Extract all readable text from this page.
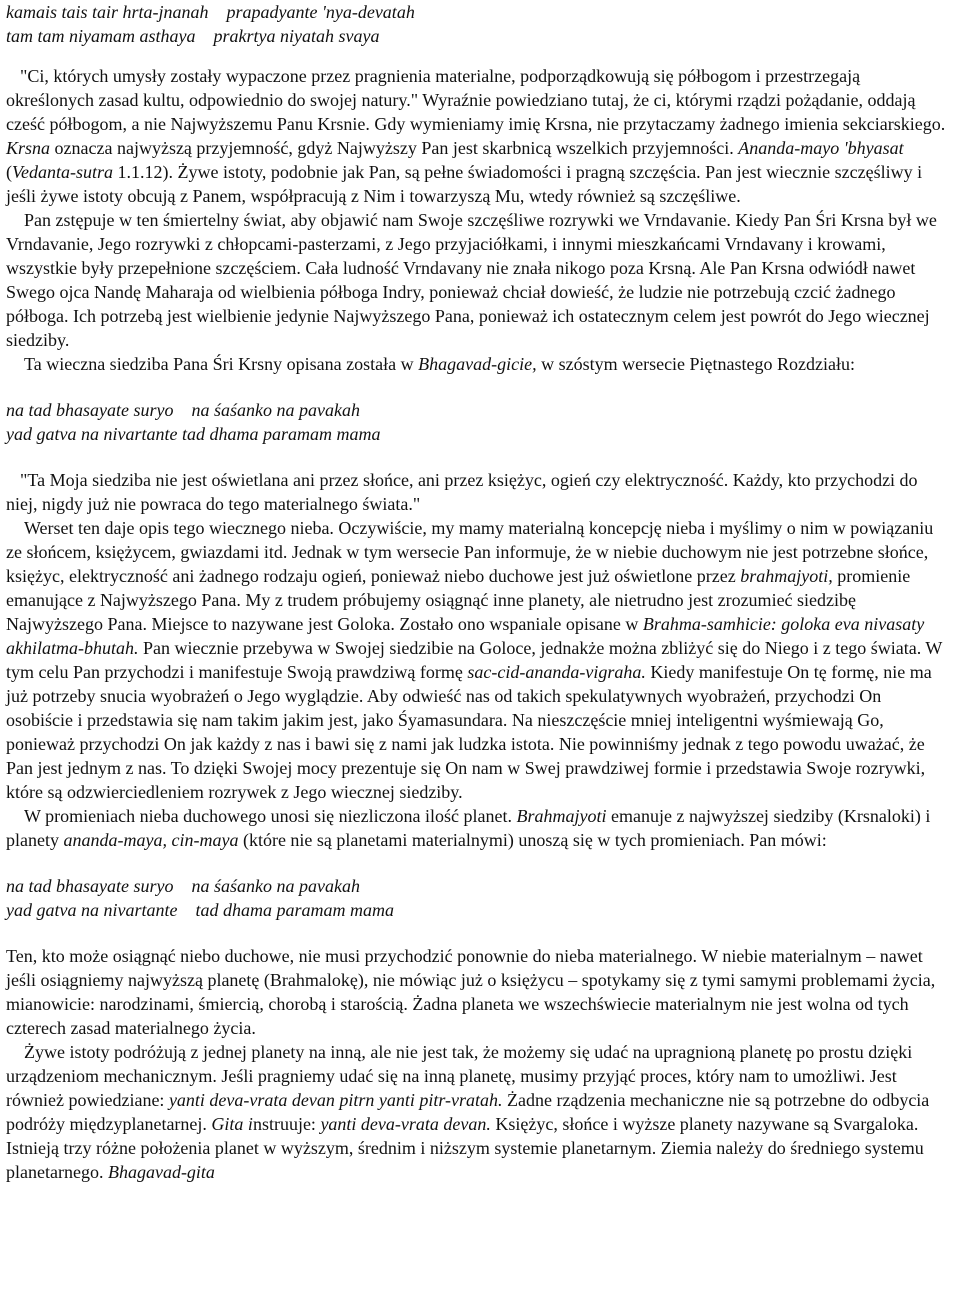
kamais tais tair hrta-jnanah prapadyante 'nya-devatah
tam tam niyamam asthaya prakrtya niyatah svaya

"Ci, których umysły zostały wypaczone przez pragnienia materialne, podporządkowują się półbogom i przestrzegają określonych zasad kultu, odpowiednio do swojej natury." Wyraźnie powiedziano tutaj, że ci, którymi rządzi pożądanie, oddają cześć półbogom, a nie Najwyższemu Panu Krsnie. Gdy wymieniamy imię Krsna, nie przytaczamy żadnego imienia sekciarskiego. Krsna oznacza najwyższą przyjemność, gdyż Najwyższy Pan jest skarbnicą wszelkich przyjemności. Ananda-mayo 'bhyasat (Vedanta-sutra 1.1.12). Żywe istoty, podobnie jak Pan, są pełne świadomości i pragną szczęścia. Pan jest wiecznie szczęśliwy i jeśli żywe istoty obcują z Panem, współpracują z Nim i towarzyszą Mu, wtedy również są szczęśliwe.

Pan zstępuje w ten śmiertelny świat, aby objawić nam Swoje szczęśliwe rozrywki we Vrndavanie. Kiedy Pan Śri Krsna był we Vrndavanie, Jego rozrywki z chłopcami-pasterzami, z Jego przyjaciółkami, i innymi mieszkańcami Vrndavany i krowami, wszystkie były przepełnione szczęściem. Cała ludność Vrndavany nie znała nikogo poza Krsną. Ale Pan Krsna odwiódł nawet Swego ojca Nandę Maharaja od wielbienia półboga Indry, ponieważ chciał dowieść, że ludzie nie potrzebują czcić żadnego półboga. Ich potrzebą jest wielbienie jedynie Najwyższego Pana, ponieważ ich ostatecznym celem jest powrót do Jego wiecznej siedziby.

Ta wieczna siedziba Pana Śri Krsny opisana została w Bhagavad-gicie, w szóstym wersecie Piętnastego Rozdziału:

na tad bhasayate suryo na śaśanko na pavakah
yad gatva na nivartante tad dhama paramam mama

"Ta Moja siedziba nie jest oświetlana ani przez słońce, ani przez księżyc, ogień czy elektryczność. Każdy, kto przychodzi do niej, nigdy już nie powraca do tego materialnego świata."

Werset ten daje opis tego wiecznego nieba. Oczywiście, my mamy materialną koncepcję nieba i myślimy o nim w powiązaniu ze słońcem, księżycem, gwiazdami itd. Jednak w tym wersecie Pan informuje, że w niebie duchowym nie jest potrzebne słońce, księżyc, elektryczność ani żadnego rodzaju ogień, ponieważ niebo duchowe jest już oświetlone przez brahmajyoti, promienie emanujące z Najwyższego Pana. My z trudem próbujemy osiągnąć inne planety, ale nietrudno jest zrozumieć siedzibę Najwyższego Pana. Miejsce to nazywane jest Goloka. Zostało ono wspaniale opisane w Brahma-samhicie: goloka eva nivasaty akhilatma-bhutah. Pan wiecznie przebywa w Swojej siedzibie na Goloce, jednakże można zbliżyć się do Niego i z tego świata. W tym celu Pan przychodzi i manifestuje Swoją prawdziwą formę sac-cid-ananda-vigraha. Kiedy manifestuje On tę formę, nie ma już potrzeby snucia wyobrażeń o Jego wyglądzie. Aby odwieść nas od takich spekulatywnych wyobrażeń, przychodzi On osobiście i przedstawia się nam takim jakim jest, jako Śyamasundara. Na nieszczęście mniej inteligentni wyśmiewają Go, ponieważ przychodzi On jak każdy z nas i bawi się z nami jak ludzka istota. Nie powinniśmy jednak z tego powodu uważać, że Pan jest jednym z nas. To dzięki Swojej mocy prezentuje się On nam w Swej prawdziwej formie i przedstawia Swoje rozrywki, które są odzwierciedleniem rozrywek z Jego wiecznej siedziby.

W promieniach nieba duchowego unosi się niezliczona ilość planet. Brahmajyoti emanuje z najwyższej siedziby (Krsnaloki) i planety ananda-maya, cin-maya (które nie są planetami materialnymi) unoszą się w tych promieniach. Pan mówi:

na tad bhasayate suryo na śaśanko na pavakah
yad gatva na nivartante tad dhama paramam mama

Ten, kto może osiągnąć niebo duchowe, nie musi przychodzić ponownie do nieba materialnego. W niebie materialnym – nawet jeśli osiągniemy najwyższą planetę (Brahmalokę), nie mówiąc już o księżycu – spotykamy się z tymi samymi problemami życia, mianowicie: narodzinami, śmiercią, chorobą i starością. Żadna planeta we wszechświecie materialnym nie jest wolna od tych czterech zasad materialnego życia.

Żywe istoty podróżują z jednej planety na inną, ale nie jest tak, że możemy się udać na upragnioną planetę po prostu dzięki urządzeniom mechanicznym. Jeśli pragniemy udać się na inną planetę, musimy przyjąć proces, który nam to umożliwi. Jest również powiedziane: yanti deva-vrata devan pitrn yanti pitr-vratah. Żadne rządzenia mechaniczne nie są potrzebne do odbycia podróży międzyplanetarnej. Gita instruuje: yanti deva-vrata devan. Księżyc, słońce i wyższe planety nazywane są Svargaloka. Istnieją trzy różne położenia planet w wyższym, średnim i niższym systemie planetarnym. Ziemia należy do średniego systemu planetarnego. Bhagavad-gita
